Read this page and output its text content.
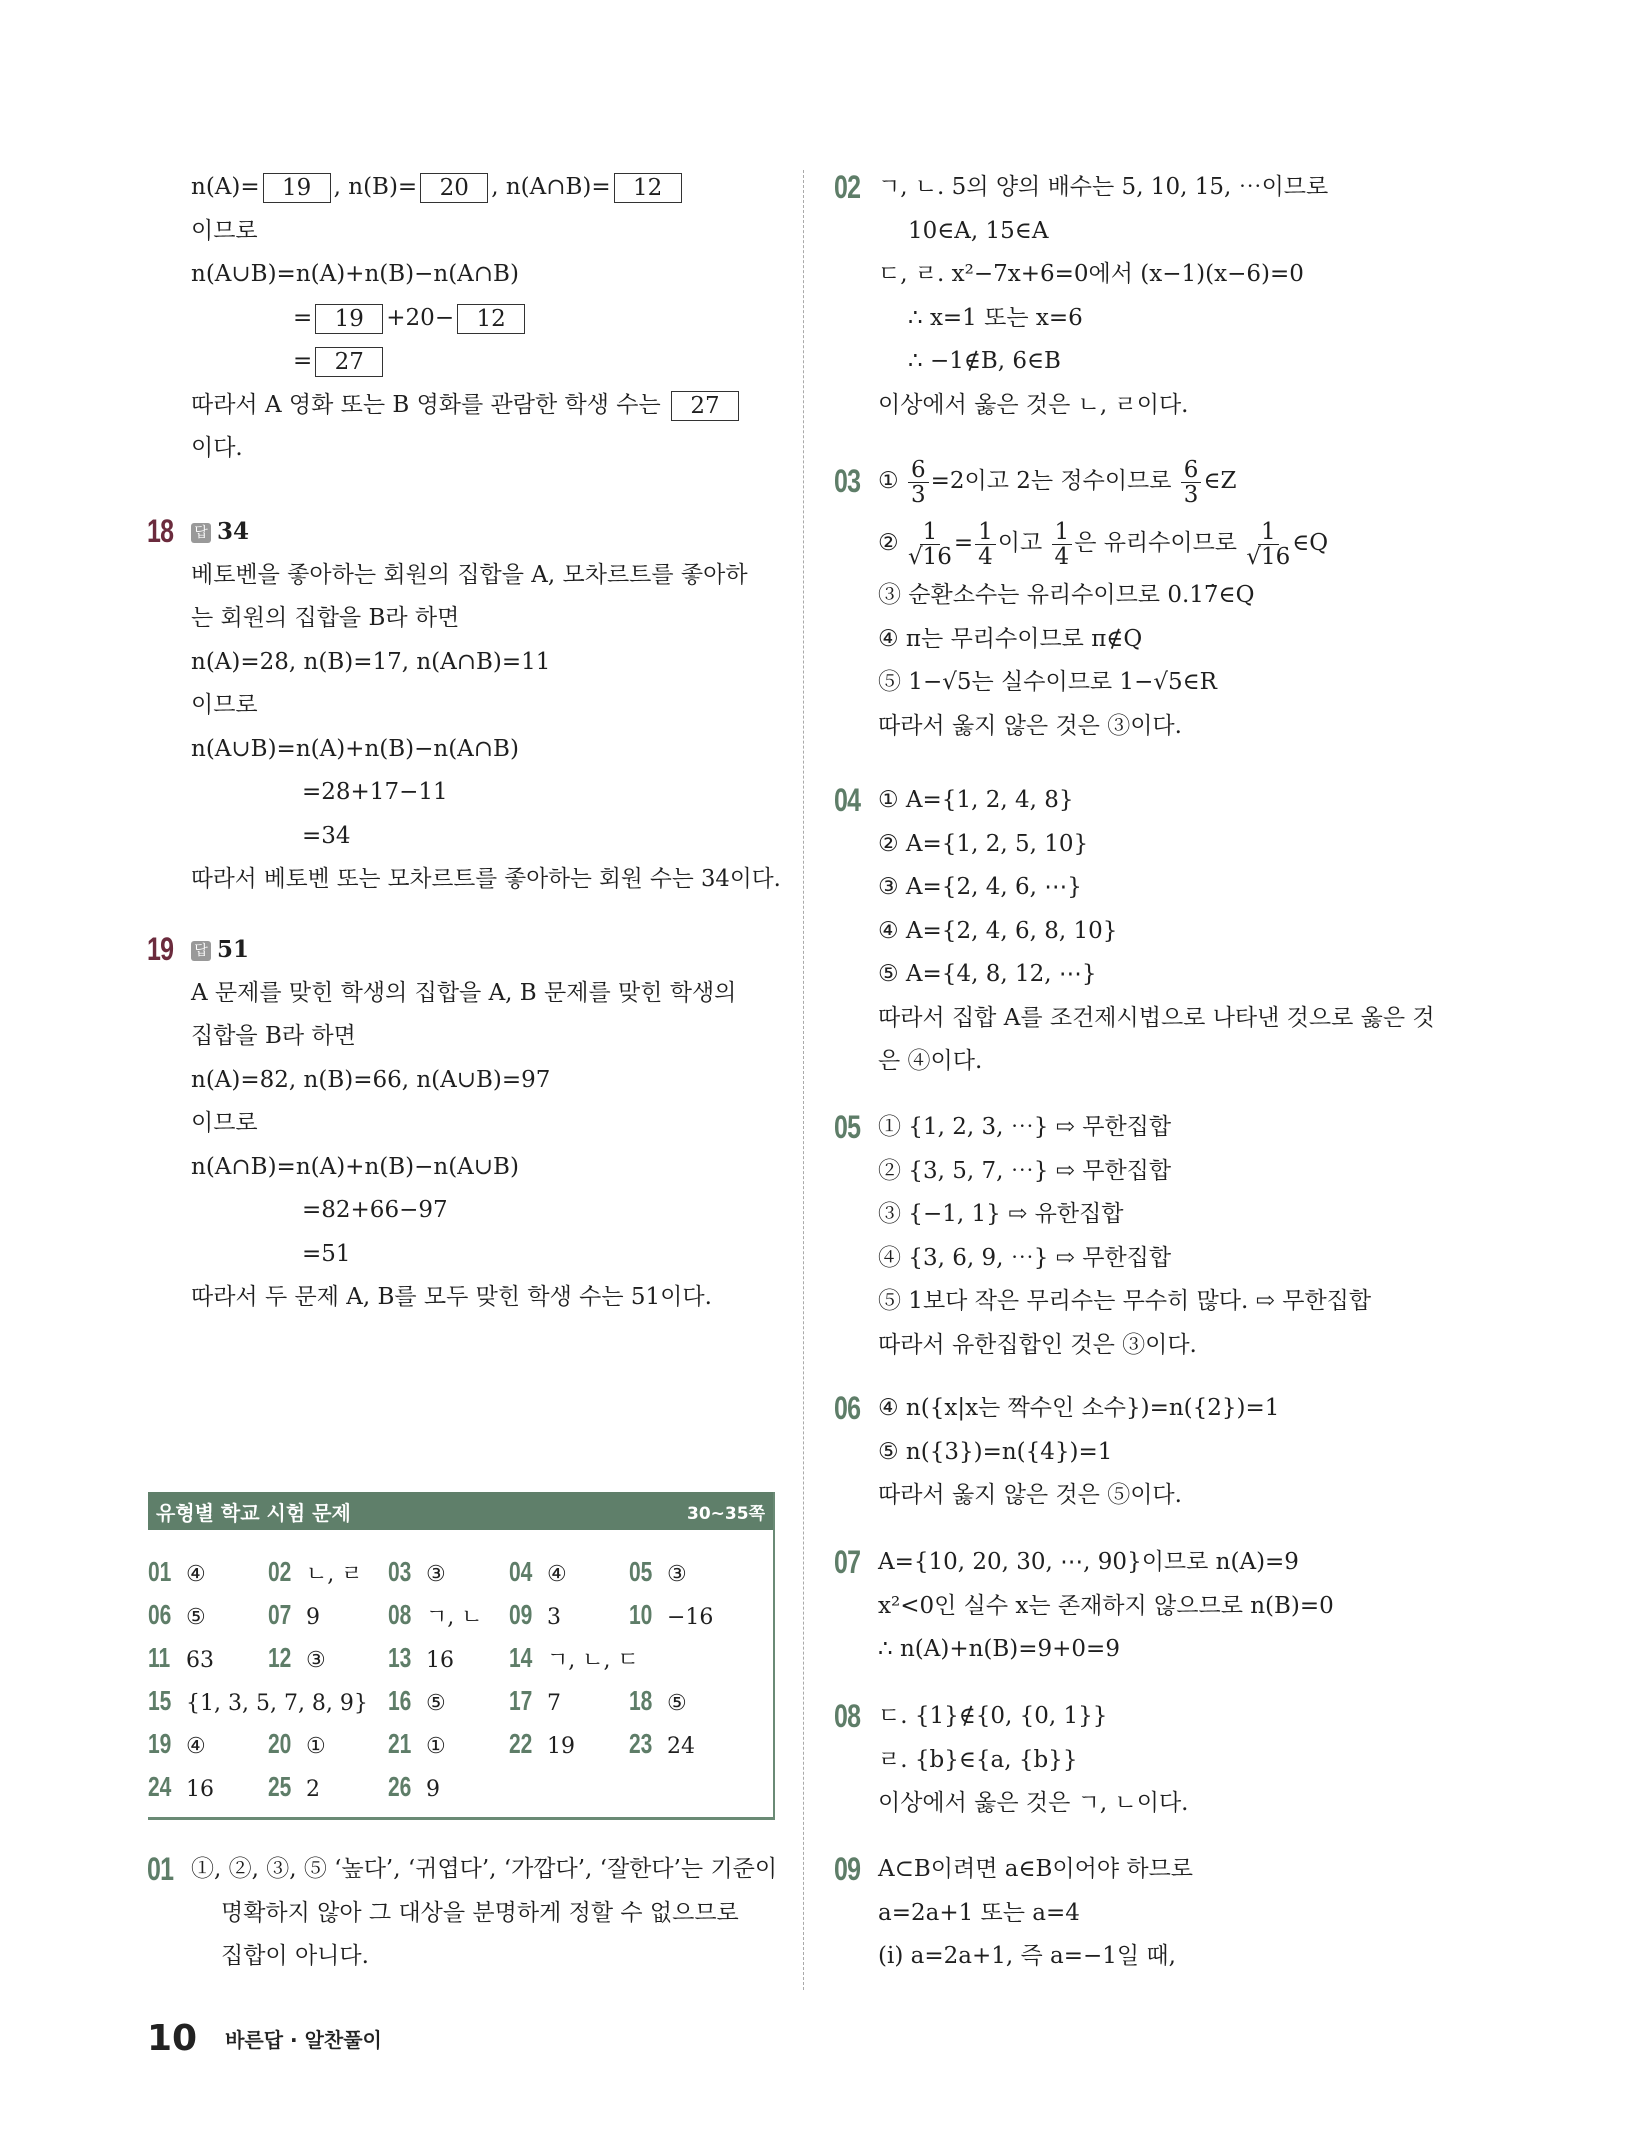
n(A)= 19 , n(B)= 20 , n(A∩B)= 12
이므로
n(A∪B)=n(A)+n(B)−n(A∩B)
= 19 +20− 12
= 27
따라서 A 영화 또는 B 영화를 관람한 학생 수는 27
이다.
18 답 34
베토벤을 좋아하는 회원의 집합을 A, 모차르트를 좋아하
는 회원의 집합을 B라 하면
n(A)=28, n(B)=17, n(A∩B)=11
이므로
n(A∪B)=n(A)+n(B)−n(A∩B)
=28+17−11
=34
따라서 베토벤 또는 모차르트를 좋아하는 회원 수는 34이다.
19 답 51
A 문제를 맞힌 학생의 집합을 A, B 문제를 맞힌 학생의
집합을 B라 하면
n(A)=82, n(B)=66, n(A∪B)=97
이므로
n(A∩B)=n(A)+n(B)−n(A∪B)
=82+66−97
=51
따라서 두 문제 A, B를 모두 맞힌 학생 수는 51이다.
01 ①, ②, ③, ⑤ ‘높다’, ‘귀엽다’, ‘가깝다’, ‘잘한다’는 기준이
명확하지 않아 그 대상을 분명하게 정할 수 없으므로
집합이 아니다.
유형별 학교 시험 문제	30~35쪽
01 ④ 02 ㄴ, ㄹ 03 ③ 04 ④ 05 ③
06 ⑤ 07 9 08 ㄱ, ㄴ 09 3 10 −16
11 63 12 ③ 13 16 14 ㄱ, ㄴ, ㄷ
15 {1, 3, 5, 7, 8, 9} 16 ⑤ 17 7 18 ⑤
19 ④ 20 ① 21 ① 22 19 23 24
24 16 25 2 26 9
02 ㄱ, ㄴ. 5의 양의 배수는 5, 10, 15, ⋯이므로
10∈A, 15∈A
ㄷ, ㄹ. x²−7x+6=0에서 (x−1)(x−6)=0
∴ x=1 또는 x=6
∴ −1∉B, 6∈B
이상에서 옳은 것은 ㄴ, ㄹ이다.
03 ① $\frac{6}{3} =2$이고 2는 정수이므로 $\frac{6}{3}$ ∈Z
② $\frac{1}{√16} = \frac{1}{4}$ 이고 $\frac{1}{4}$ 은 유리수이므로 $\frac{1}{√16}$ ∈Q
③ 순환소수는 유리수이므로 0.17̇∈Q
④ π는 무리수이므로 π∉Q
⑤ 1−√5는 실수이므로 1−√5∈R
따라서 옳지 않은 것은 ③이다.
04 ① A={1, 2, 4, 8}
② A={1, 2, 5, 10}
③ A={2, 4, 6, ⋯}
④ A={2, 4, 6, 8, 10}
⑤ A={4, 8, 12, ⋯}
따라서 집합 A를 조건제시법으로 나타낸 것으로 옳은 것
은 ④이다.
05 ① {1, 2, 3, ⋯} ⇨ 무한집합
② {3, 5, 7, ⋯} ⇨ 무한집합
③ {−1, 1} ⇨ 유한집합
④ {3, 6, 9, ⋯} ⇨ 무한집합
⑤ 1보다 작은 무리수는 무수히 많다. ⇨ 무한집합
따라서 유한집합인 것은 ③이다.
06 ④ n({x|x는 짝수인 소수})=n({2})=1
⑤ n({3})=n({4})=1
따라서 옳지 않은 것은 ⑤이다.
07 A={10, 20, 30, ⋯, 90}이므로 n(A)=9
x²<0인 실수 x는 존재하지 않으므로 n(B)=0
∴ n(A)+n(B)=9+0=9
08 ㄷ. {1}∉{0, {0, 1}}
ㄹ. {b}∈{a, {b}}
이상에서 옳은 것은 ㄱ, ㄴ이다.
09 A⊂B이려면 a∈B이어야 하므로
a=2a+1 또는 a=4
(i) a=2a+1, 즉 a=−1일 때,
10 바른답 · 알찬풀이
